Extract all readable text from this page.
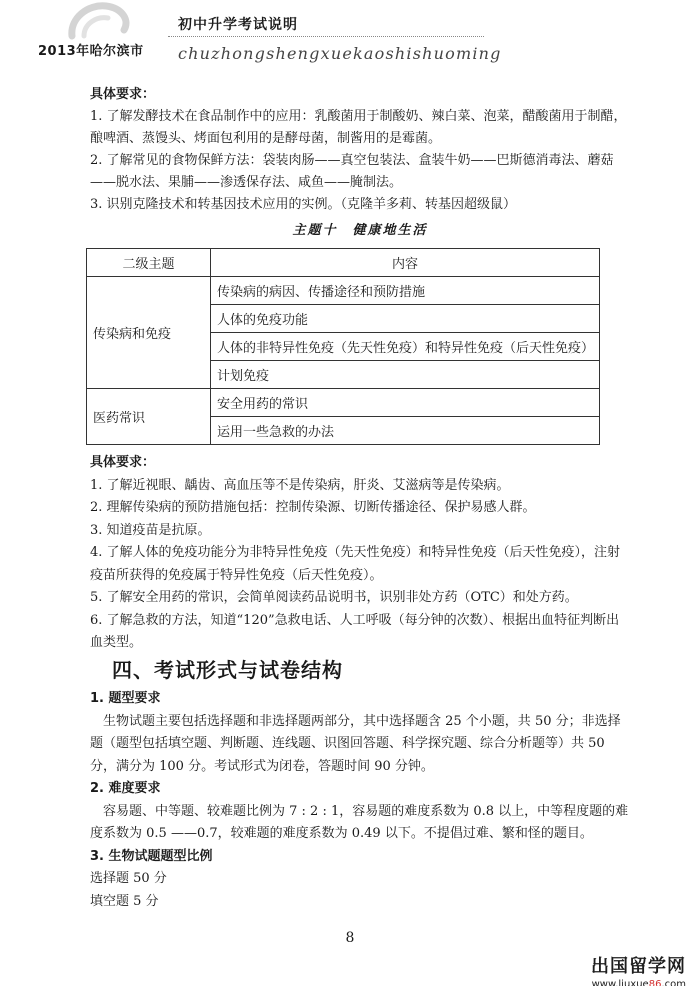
2013年哈尔滨市
初中升学考试说明
chuzhongshengxuekaoshishuoming
具体要求：
1. 了解发酵技术在食品制作中的应用：乳酸菌用于制酸奶、辣白菜、泡菜，醋酸菌用于制醋，酿啤酒、蒸馒头、烤面包利用的是酵母菌，制酱用的是霉菌。
2. 了解常见的食物保鲜方法：袋装肉肠——真空包装法、盒装牛奶——巴斯德消毒法、蘑菇——脱水法、果脯——渗透保存法、咸鱼——腌制法。
3. 识别克隆技术和转基因技术应用的实例。（克隆羊多莉、转基因超级鼠）
主题十　健康地生活
二级主题	内容
传染病和免疫	传染病的病因、传播途径和预防措施
	人体的免疫功能
	人体的非特异性免疫（先天性免疫）和特异性免疫（后天性免疫）
	计划免疫
医药常识	安全用药的常识
	运用一些急救的办法
具体要求：
1. 了解近视眼、龋齿、高血压等不是传染病，肝炎、艾滋病等是传染病。
2. 理解传染病的预防措施包括：控制传染源、切断传播途径、保护易感人群。
3. 知道疫苗是抗原。
4. 了解人体的免疫功能分为非特异性免疫（先天性免疫）和特异性免疫（后天性免疫），注射疫苗所获得的免疫属于特异性免疫（后天性免疫）。
5. 了解安全用药的常识，会简单阅读药品说明书，识别非处方药（OTC）和处方药。
6. 了解急救的方法，知道“120”急救电话、人工呼吸（每分钟的次数）、根据出血特征判断出血类型。
四、考试形式与试卷结构
1. 题型要求
生物试题主要包括选择题和非选择题两部分，其中选择题含 25 个小题，共 50 分；非选择题（题型包括填空题、判断题、连线题、识图回答题、科学探究题、综合分析题等）共 50 分，满分为 100 分。考试形式为闭卷，答题时间 90 分钟。
2. 难度要求
容易题、中等题、较难题比例为 7 : 2 : 1，容易题的难度系数为 0.8 以上，中等程度题的难度系数为 0.5 ——0.7，较难题的难度系数为 0.49 以下。不提倡过难、繁和怪的题目。
3. 生物试题题型比例
选择题 50 分
填空题 5 分
8
出国留学网
www.liuxue86.com
